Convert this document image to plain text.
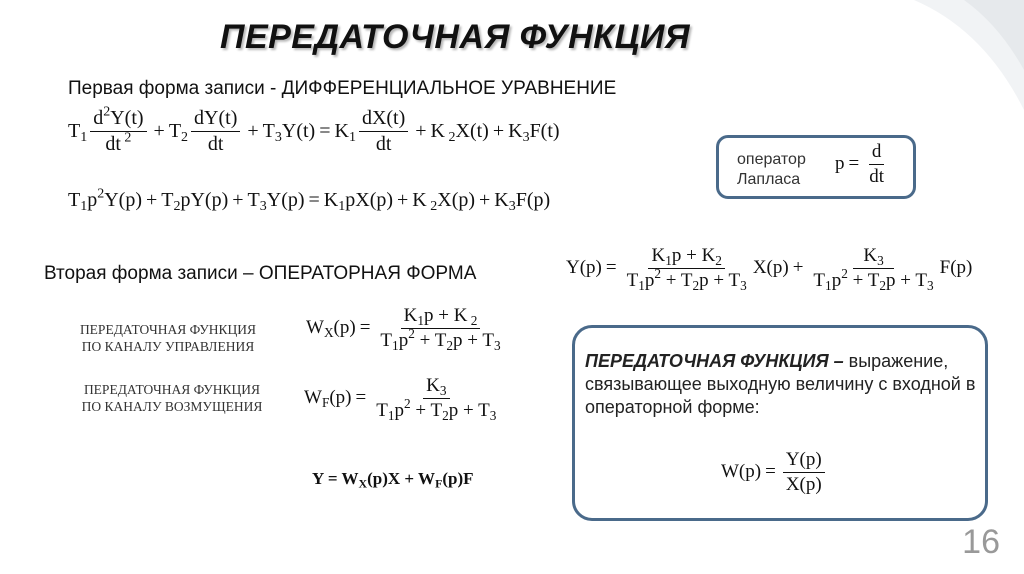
ПЕРЕДАТОЧНАЯ ФУНКЦИЯ
Первая форма записи - ДИФФЕРЕНЦИАЛЬНОЕ УРАВНЕНИЕ
$T_1 \frac{d^2Y(t)}{dt ^2} + T_2 \frac{dY(t)}{dt} + T_3Y(t) = K_1 \frac{dX(t)}{dt} + K$ $_2X(t) + K_3F(t)$
$T_1p^2Y(p) + T_2pY(p) + T_3Y(p) = K_1pX(p) + K$ $_2X(p) + K_3F(p)$
оператор
Лапласа
$p = \frac{d}{dt}$
$Y(p) = \frac{K_1p + K_2}{T_1p^2 + T_2p + T_3} X(p) + \frac{K_3}{T_1p^2 + T_2p + T_3} F(p)$
Вторая форма записи – ОПЕРАТОРНАЯ ФОРМА
ПЕРЕДАТОЧНАЯ ФУНКЦИЯ
ПО КАНАЛУ УПРАВЛЕНИЯ
$W_X(p) = \frac{K_1p + K _2}{T_1p^2 + T_2p + T_3}$
ПЕРЕДАТОЧНАЯ ФУНКЦИЯ
ПО КАНАЛУ ВОЗМУЩЕНИЯ	$W_F(p) = \frac{K_3}{T_1p^2 + T_2p + T_3}$
$Y = W_X(p)X + W_F(p)F$
ПЕРЕДАТОЧНАЯ ФУНКЦИЯ – выражение, связывающее выходную величину с входной в операторной форме:
$W(p) = \frac{Y(p)}{X(p)}$
16
